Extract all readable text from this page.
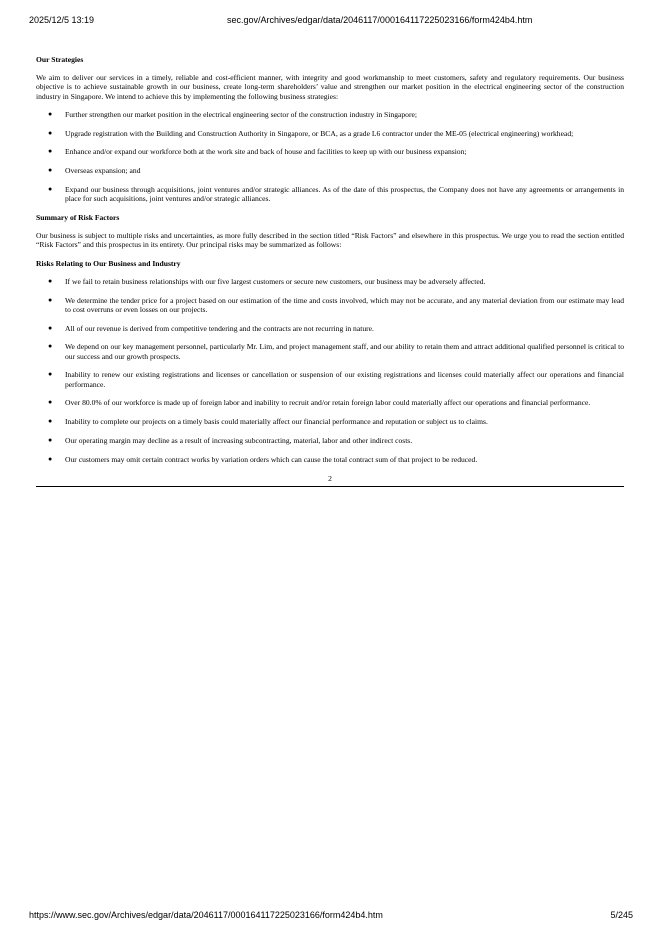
2025/12/5 13:19	sec.gov/Archives/edgar/data/2046117/000164117225023166/form424b4.htm
Our Strategies
We aim to deliver our services in a timely, reliable and cost-efficient manner, with integrity and good workmanship to meet customers, safety and regulatory requirements. Our business objective is to achieve sustainable growth in our business, create long-term shareholders’ value and strengthen our market position in the electrical engineering sector of the construction industry in Singapore. We intend to achieve this by implementing the following business strategies:
● Further strengthen our market position in the electrical engineering sector of the construction industry in Singapore;
● Upgrade registration with the Building and Construction Authority in Singapore, or BCA, as a grade L6 contractor under the ME-05 (electrical engineering) workhead;
● Enhance and/or expand our workforce both at the work site and back of house and facilities to keep up with our business expansion;
● Overseas expansion; and
● Expand our business through acquisitions, joint ventures and/or strategic alliances. As of the date of this prospectus, the Company does not have any agreements or arrangements in place for such acquisitions, joint ventures and/or strategic alliances.
Summary of Risk Factors
Our business is subject to multiple risks and uncertainties, as more fully described in the section titled “Risk Factors” and elsewhere in this prospectus. We urge you to read the section entitled “Risk Factors” and this prospectus in its entirety. Our principal risks may be summarized as follows:
Risks Relating to Our Business and Industry
● If we fail to retain business relationships with our five largest customers or secure new customers, our business may be adversely affected.
● We determine the tender price for a project based on our estimation of the time and costs involved, which may not be accurate, and any material deviation from our estimate may lead to cost overruns or even losses on our projects.
● All of our revenue is derived from competitive tendering and the contracts are not recurring in nature.
● We depend on our key management personnel, particularly Mr. Lim, and project management staff, and our ability to retain them and attract additional qualified personnel is critical to our success and our growth prospects.
● Inability to renew our existing registrations and licenses or cancellation or suspension of our existing registrations and licenses could materially affect our operations and financial performance.
● Over 80.0% of our workforce is made up of foreign labor and inability to recruit and/or retain foreign labor could materially affect our operations and financial performance.
● Inability to complete our projects on a timely basis could materially affect our financial performance and reputation or subject us to claims.
● Our operating margin may decline as a result of increasing subcontracting, material, labor and other indirect costs.
● Our customers may omit certain contract works by variation orders which can cause the total contract sum of that project to be reduced.
2
https://www.sec.gov/Archives/edgar/data/2046117/000164117225023166/form424b4.htm	5/245
